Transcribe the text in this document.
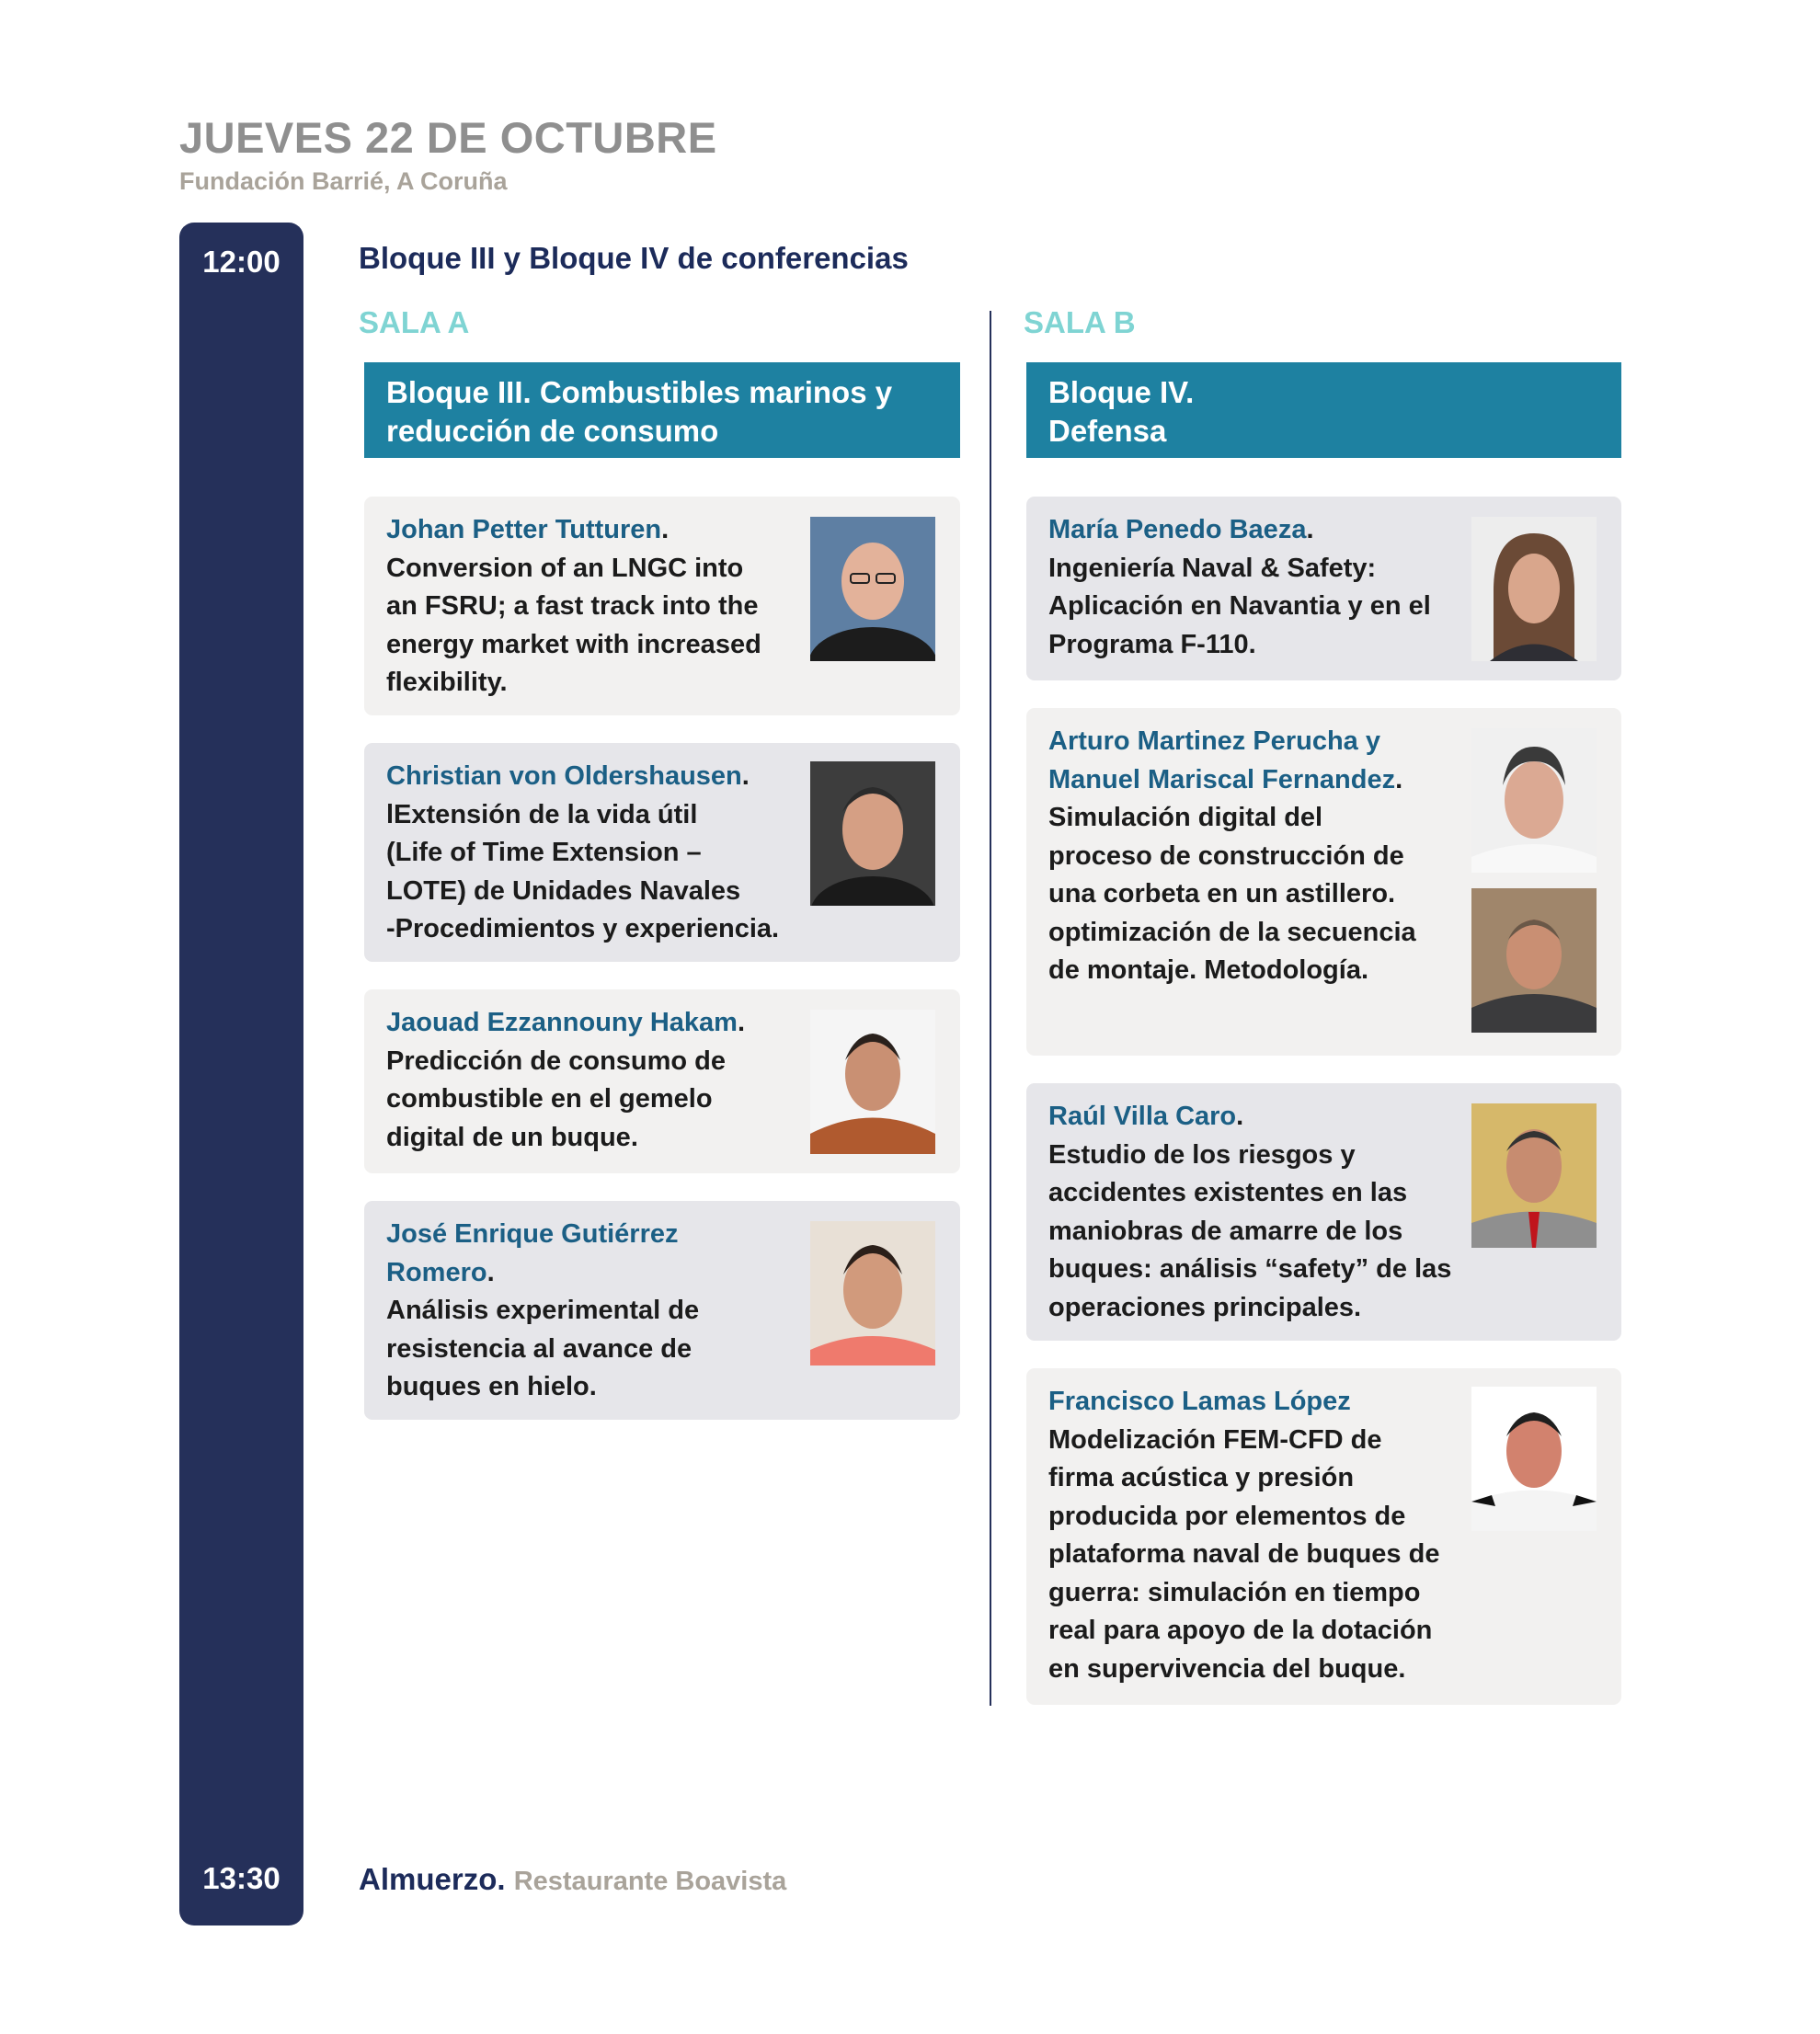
JUEVES 22 DE OCTUBRE
Fundación Barrié, A Coruña
12:00
13:30
Bloque III y Bloque IV de conferencias
SALA A	SALA B
Bloque III. Combustibles marinos y
reducción de consumo
Bloque IV.
Defensa
Johan Petter Tutturen.
Conversion of an LNGC into
an FSRU; a fast track into the
energy market with increased
flexibility.
Christian von Oldershausen.
lExtensión de la vida útil
(Life of Time Extension –
LOTE) de Unidades Navales
-Procedimientos y experiencia.
Jaouad Ezzannouny Hakam.
Predicción de consumo de
combustible en el gemelo
digital de un buque.
José Enrique Gutiérrez
Romero.
Análisis experimental de
resistencia al avance de
buques en hielo.
María Penedo Baeza.
Ingeniería Naval & Safety:
Aplicación en Navantia y en el
Programa F-110.
Arturo Martinez Perucha y
Manuel Mariscal Fernandez.
Simulación digital del
proceso de construcción de
una corbeta en un astillero.
optimización de la secuencia
de montaje. Metodología.
Raúl Villa Caro.
Estudio de los riesgos y
accidentes existentes en las
maniobras de amarre de los
buques: análisis “safety” de las
operaciones principales.
Francisco Lamas López
Modelización FEM-CFD de
firma acústica y presión
producida por elementos de
plataforma naval de buques de
guerra: simulación en tiempo
real para apoyo de la dotación
en supervivencia del buque.
Almuerzo. Restaurante Boavista
